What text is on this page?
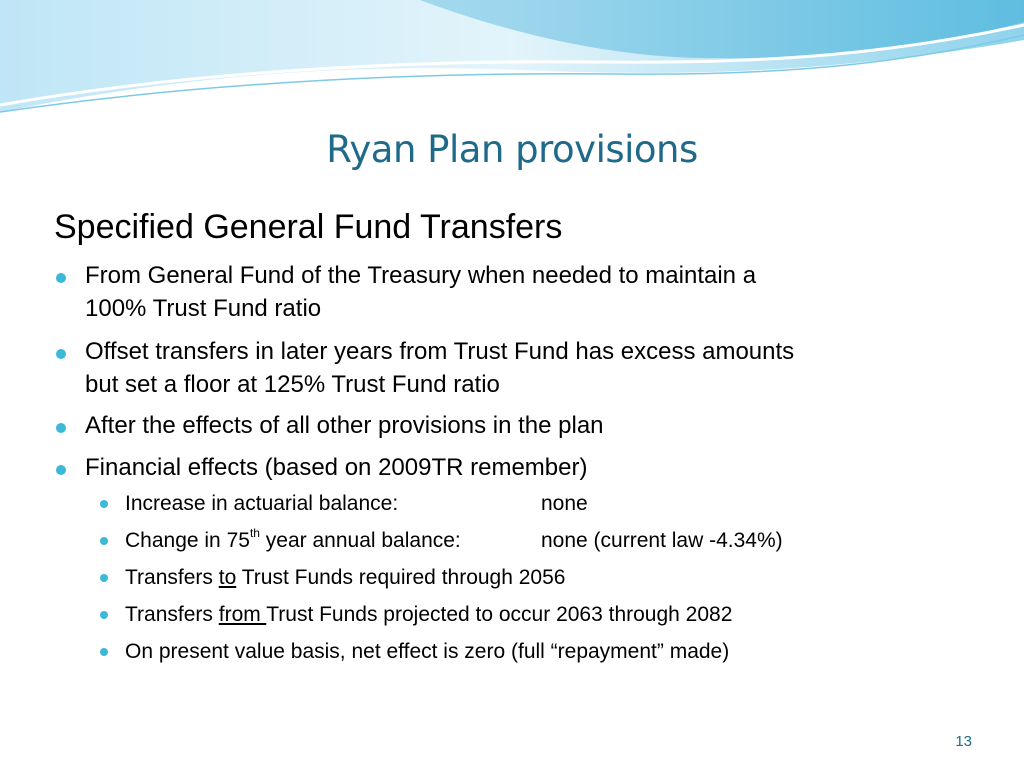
Ryan Plan provisions
Specified General Fund Transfers
From General Fund of the Treasury when needed to maintain a
100% Trust Fund ratio
Offset transfers in later years from Trust Fund has excess amounts
but set a floor at 125% Trust Fund ratio
After the effects of all other provisions in the plan
Financial effects (based on 2009TR remember)
Increase in actuarial balance:	none
Change in 75th year annual balance:	none (current law -4.34%)
Transfers to Trust Funds required through 2056
Transfers from Trust Funds projected to occur 2063 through 2082
On present value basis, net effect is zero (full “repayment” made)
13
